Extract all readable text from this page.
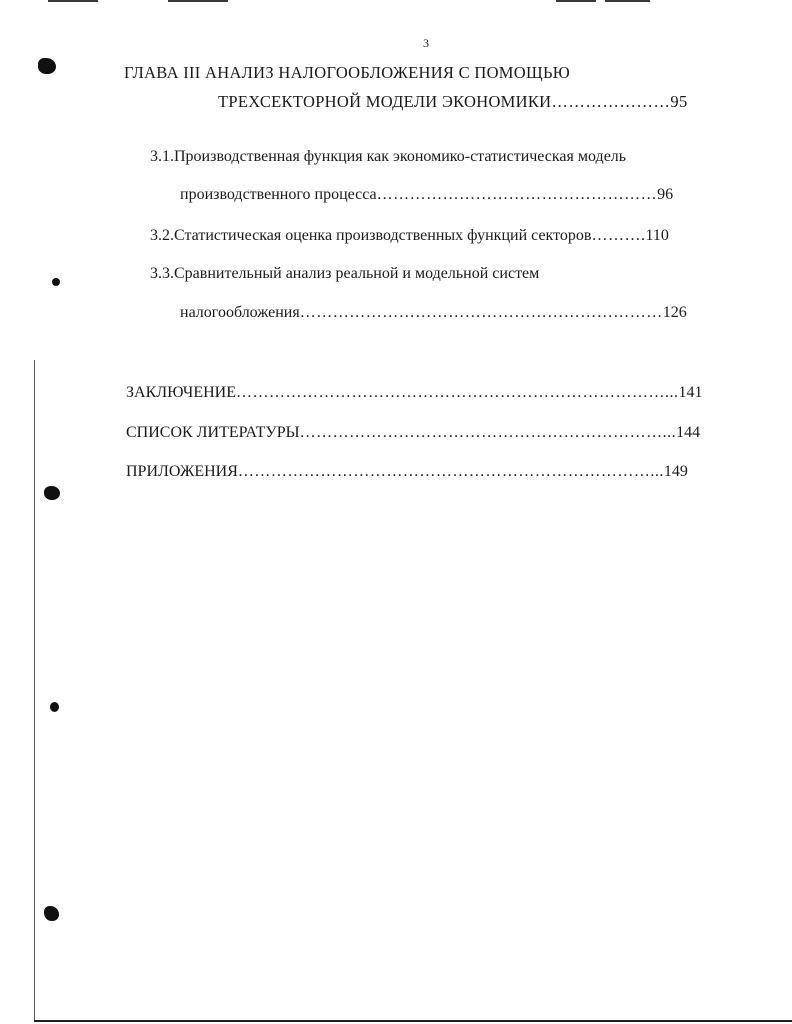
3
ГЛАВА III АНАЛИЗ НАЛОГООБЛОЖЕНИЯ С ПОМОЩЬЮ
ТРЕХСЕКТОРНОЙ МОДЕЛИ ЭКОНОМИКИ…………………95
3.1.Производственная функция как экономико-статистическая модель
производственного процесса……………………………………………96
3.2.Статистическая оценка производственных функций секторов……….110
3.3.Сравнительный анализ реальной и модельной систем
налогообложения…………………………………………………………126
ЗАКЛЮЧЕНИЕ……………………………………………………………………...141
СПИСОК ЛИТЕРАТУРЫ…………………………………………………………...144
ПРИЛОЖЕНИЯ…………………………………………………………………...149
